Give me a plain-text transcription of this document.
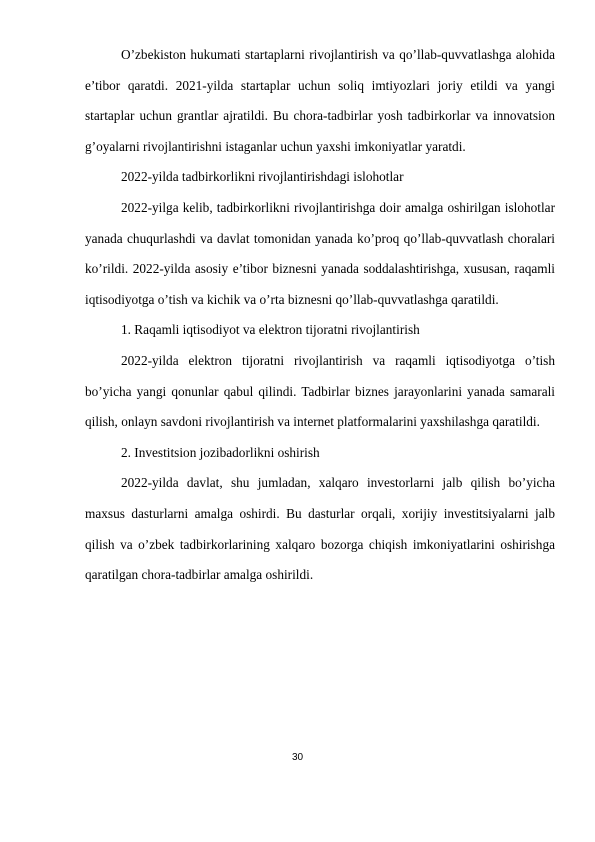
O’zbekiston hukumati startaplarni rivojlantirish va qo’llab-quvvatlashga alohida e’tibor qaratdi. 2021-yilda startaplar uchun soliq imtiyozlari joriy etildi va yangi startaplar uchun grantlar ajratildi. Bu chora-tadbirlar yosh tadbirkorlar va innovatsion g’oyalarni rivojlantirishni istaganlar uchun yaxshi imkoniyatlar yaratdi.

2022-yilda tadbirkorlikni rivojlantirishdagi islohotlar

2022-yilga kelib, tadbirkorlikni rivojlantirishga doir amalga oshirilgan islohotlar yanada chuqurlashdi va davlat tomonidan yanada ko’proq qo’llab-quvvatlash choralari ko’rildi. 2022-yilda asosiy e’tibor biznesni yanada soddalashtirishga, xususan, raqamli iqtisodiyotga o’tish va kichik va o’rta biznesni qo’llab-quvvatlashga qaratildi.

1. Raqamli iqtisodiyot va elektron tijoratni rivojlantirish

2022-yilda elektron tijoratni rivojlantirish va raqamli iqtisodiyotga o’tish bo’yicha yangi qonunlar qabul qilindi. Tadbirlar biznes jarayonlarini yanada samarali qilish, onlayn savdoni rivojlantirish va internet platformalarini yaxshilashga qaratildi.

2. Investitsion jozibadorlikni oshirish

2022-yilda davlat, shu jumladan, xalqaro investorlarni jalb qilish bo’yicha maxsus dasturlarni amalga oshirdi. Bu dasturlar orqali, xorijiy investitsiyalarni jalb qilish va o’zbek tadbirkorlarining xalqaro bozorga chiqish imkoniyatlarini oshirishga qaratilgan chora-tadbirlar amalga oshirildi.

30
